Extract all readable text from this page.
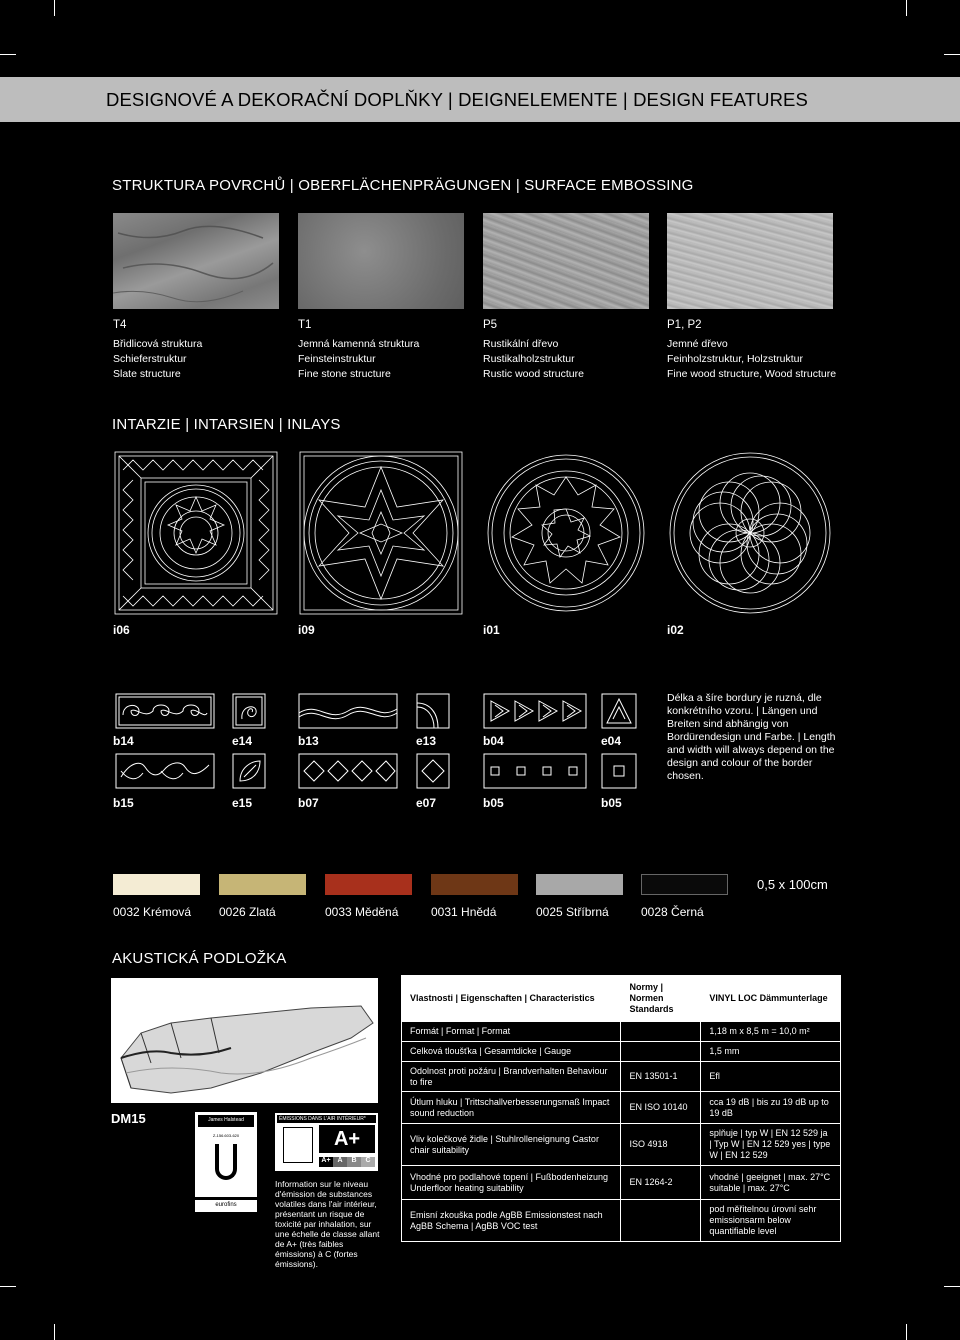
DESIGNOVÉ A DEKORAČNÍ DOPLŇKY | DEIGNELEMENTE | DESIGN FEATURES
STRUKTURA POVRCHŮ | OBERFLÄCHENPRÄGUNGEN | SURFACE EMBOSSING
T4
Břidlicová struktura
Schieferstruktur
Slate structure
T1
Jemná kamenná struktura
Feinsteinstruktur
Fine stone structure
P5
Rustikální dřevo
Rustikalholzstruktur
Rustic wood structure
P1, P2
Jemné dřevo
Feinholzstruktur, Holzstruktur
Fine wood structure, Wood structure
INTARZIE | INTARSIEN | INLAYS
i06	i09	i01	i02
b14	e14	b13	e13	b04	e04
b15	e15	b07	e07	b05	b05
Délka a šíre bordury je ruzná, dle konkrétního vzoru. | Längen und Breiten sind abhängig von Bordürendesign und Farbe. | Length and width will always depend on the design and colour of the border chosen.
0032 Krémová 0026 Zlatá	0033 Měděná	0031 Hnědá	0025 Stříbrná	0028 Černá
0,5 x 100cm
AKUSTICKÁ PODLOŽKA
DM15	James Halstead
Z-156.603-620
eurofins
ÉMISSIONS DANS L'AIR INTÉRIEUR*
A+
A+ A	B	C
Information sur le niveau d'émission de substances volatiles dans l'air intérieur, présentant un risque de toxicité par inhalation, sur une échelle de classe allant de A+ (très faibles émissions) à C (fortes émissions).
Vlastnosti | Eigenschaften | Characteristics	Normy | Normen Standards	VINYL LOC Dämmunterlage
Formát | Format | Format		1,18 m x 8,5 m = 10,0 m²
Celková tloušťka | Gesamtdicke | Gauge		1,5 mm
Odolnost proti požáru | Brandverhalten Behaviour to fire	EN 13501-1	Efl
Útlum hluku | Trittschallverbesserungsmaß Impact sound reduction	EN ISO 10140	cca 19 dB | bis zu 19 dB up to 19 dB
Vliv kolečkové židle | Stuhlrolleneignung Castor chair suitability	ISO 4918	splňuje | typ W | EN 12 529 ja | Typ W | EN 12 529 yes | type W | EN 12 529
Vhodné pro podlahové topení | Fußbodenheizung Underfloor heating suitability	EN 1264-2	vhodné | geeignet | max. 27°C suitable | max. 27°C
Emisní zkouška podle AgBB Emissionstest nach AgBB Schema | AgBB VOC test		pod měřitelnou úrovní sehr emissionsarm below quantifiable level
